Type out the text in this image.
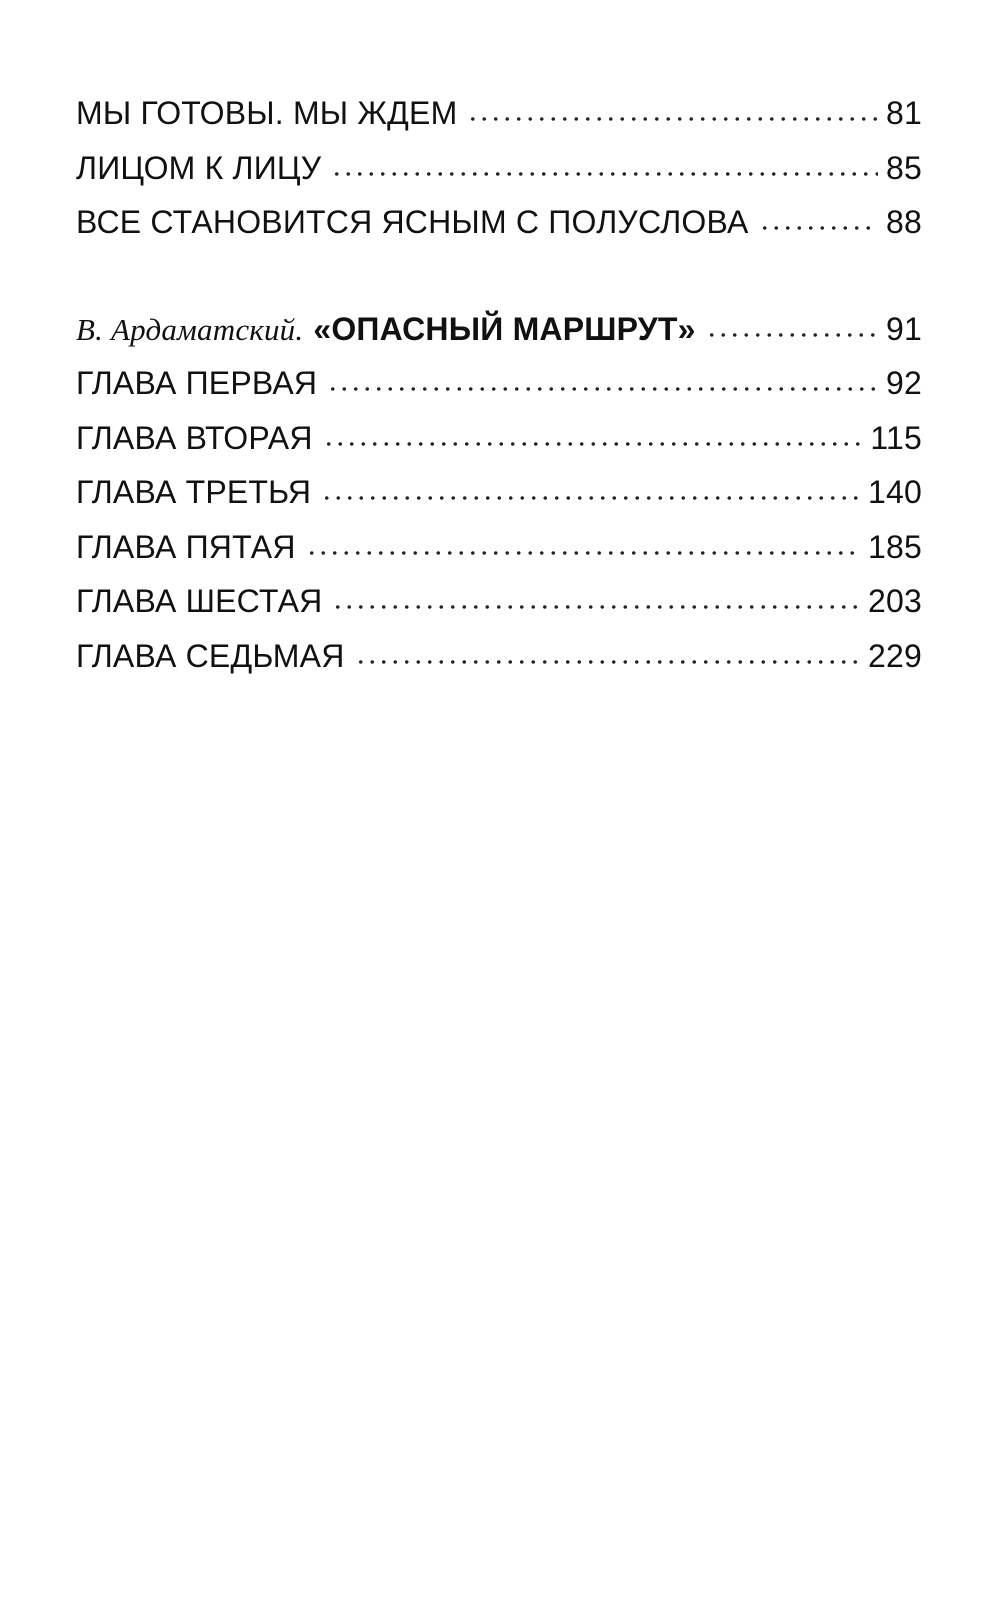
МЫ ГОТОВЫ. МЫ ЖДЕМ	81
ЛИЦОМ К ЛИЦУ	85
ВСЕ СТАНОВИТСЯ ЯСНЫМ С ПОЛУСЛОВА	88
В. Ардаматский. «ОПАСНЫЙ МАРШРУТ»	91
ГЛАВА ПЕРВАЯ	92
ГЛАВА ВТОРАЯ	115
ГЛАВА ТРЕТЬЯ	140
ГЛАВА ПЯТАЯ	185
ГЛАВА ШЕСТАЯ	203
ГЛАВА СЕДЬМАЯ	229
